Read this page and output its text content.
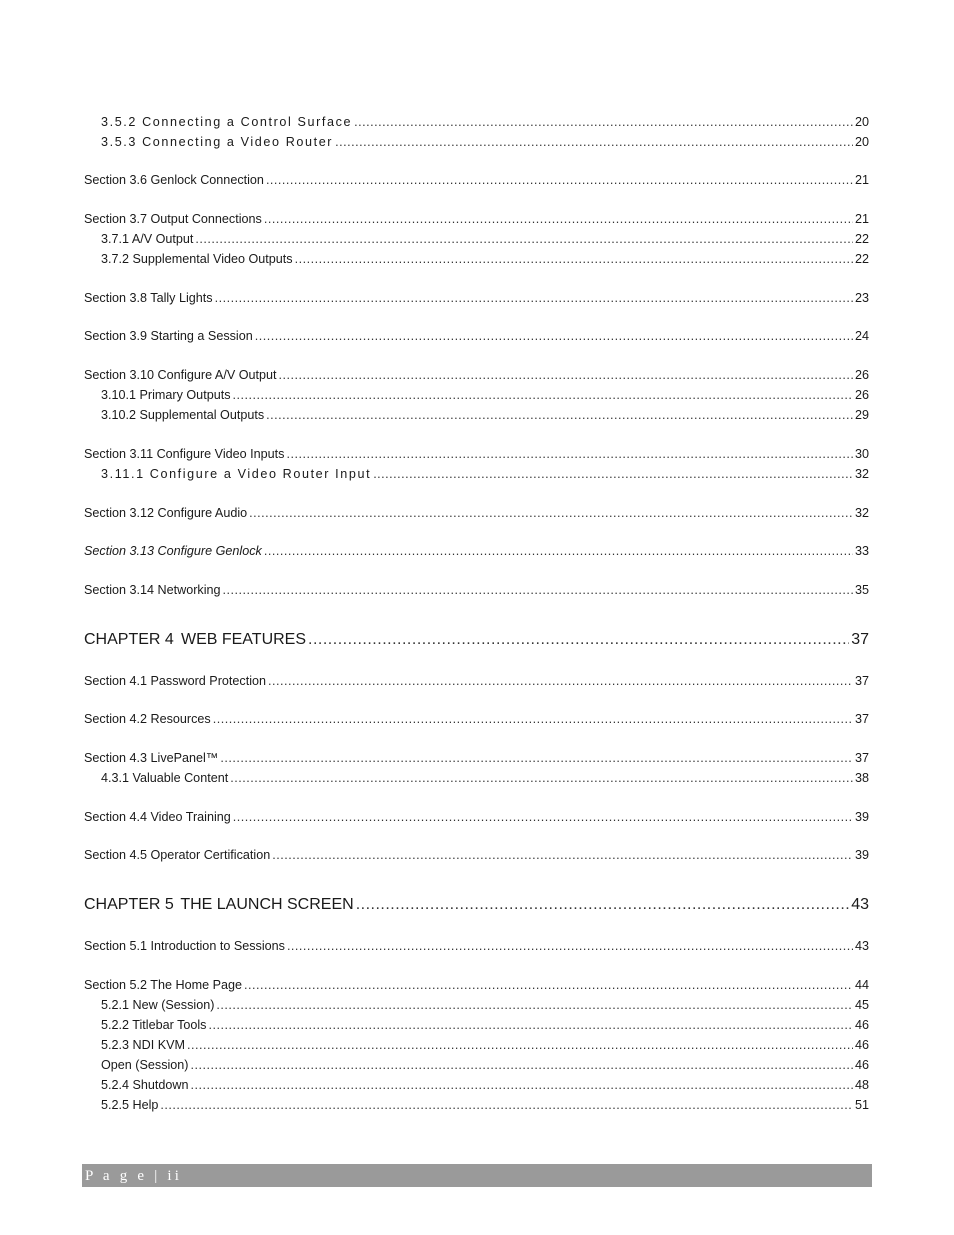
3.5.2 Connecting a Control Surface .....	20
3.5.3 Connecting a Video Router .....	20
Section 3.6 Genlock Connection .....	21
Section 3.7 Output Connections .....	21
3.7.1 A/V Output .....	22
3.7.2 Supplemental Video Outputs .....	22
Section 3.8 Tally Lights .....	23
Section 3.9 Starting a Session .....	24
Section 3.10 Configure A/V Output .....	26
3.10.1 Primary Outputs .....	26
3.10.2 Supplemental Outputs .....	29
Section 3.11 Configure Video Inputs .....	30
3.11.1 Configure a Video Router Input .....	32
Section 3.12 Configure Audio .....	32
Section 3.13 Configure Genlock .....	33
Section 3.14 Networking .....	35
CHAPTER 4 WEB FEATURES .....	37
Section 4.1 Password Protection .....	37
Section 4.2 Resources .....	37
Section 4.3 LivePanel™ .....	37
4.3.1 Valuable Content .....	38
Section 4.4 Video Training .....	39
Section 4.5 Operator Certification .....	39
CHAPTER 5 THE LAUNCH SCREEN .....	43
Section 5.1 Introduction to Sessions .....	43
Section 5.2 The Home Page .....	44
5.2.1 New (Session) .....	45
5.2.2 Titlebar Tools .....	46
5.2.3 NDI KVM .....	46
Open (Session) .....	46
5.2.4 Shutdown .....	48
5.2.5 Help .....	51
P a g e | ii
